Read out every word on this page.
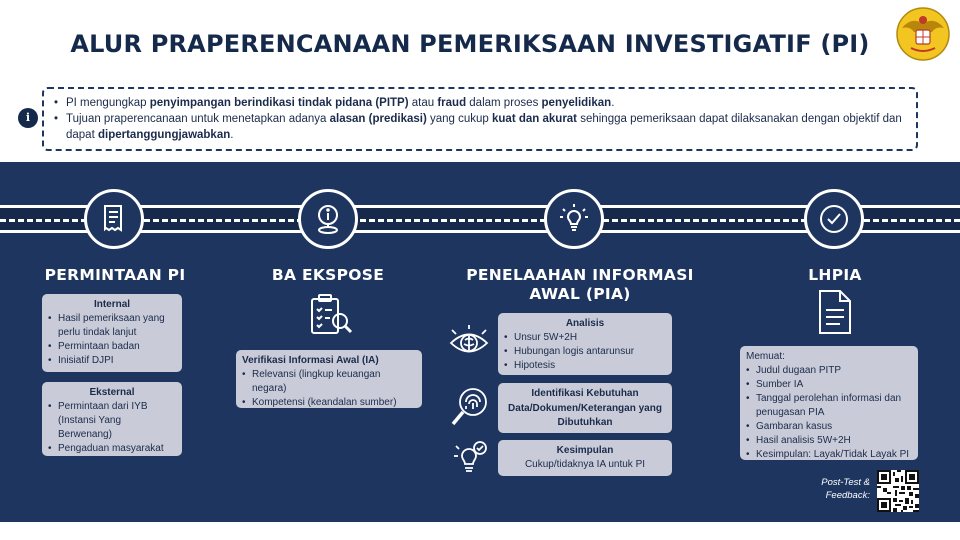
ALUR PRAPERENCANAAN PEMERIKSAAN INVESTIGATIF (PI)
i
• PI mengungkap penyimpangan berindikasi tindak pidana (PITP) atau fraud dalam proses penyelidikan.
• Tujuan praperencanaan untuk menetapkan adanya alasan (predikasi) yang cukup kuat dan akurat sehingga pemeriksaan dapat dilaksanakan dengan objektif dan dapat dipertanggungjawabkan.
PERMINTAAN PI	BA EKSPOSE	PENELAAHAN INFORMASI
AWAL (PIA)
LHPIA
Internal
• Hasil pemeriksaan yang perlu tindak lanjut
• Permintaan badan
• Inisiatif DJPI
Eksternal
• Permintaan dari IYB (Instansi Yang Berwenang)
• Pengaduan masyarakat
Verifikasi Informasi Awal (IA)
• Relevansi (lingkup keuangan negara)
• Kompetensi (keandalan sumber)
Analisis
• Unsur 5W+2H
• Hubungan logis antarunsur
• Hipotesis
Identifikasi Kebutuhan Data/Dokumen/Keterangan yang Dibutuhkan
Kesimpulan
Cukup/tidaknya IA untuk PI
Memuat:
• Judul dugaan PITP
• Sumber IA
• Tanggal perolehan informasi dan penugasan PIA
• Gambaran kasus
• Hasil analisis 5W+2H
• Kesimpulan: Layak/Tidak Layak PI
Post-Test &
Feedback:
